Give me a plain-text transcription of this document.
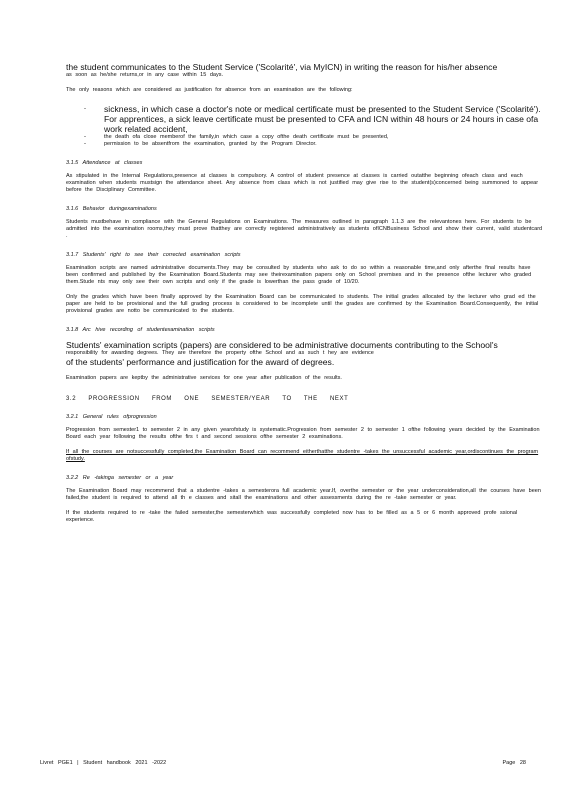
the student communicates to the Student Service ('Scolarité', via MyICN) in writing the reason for his/her absence

as soon as he/she returns,or in any case within 15 days.

The only reasons which are considered as justification for absence from an examination are the following:

- sickness, in which case a doctor's note or medical certificate must be presented to the Student Service ('Scolarité'). For apprentices, a sick leave certificate must be presented to CFA and ICN within 48 hours or 24 hours in case ofa work related accident,
- the death ofa close memberof the family,in which case a copy ofthe death certificate must be presented,
- permission to be absentfrom the examination, granted by the Program Director.

3.1.5 Attendance at classes

As stipulated in the Internal Regulations,presence at classes is compulsory. A control of student presence at classes is carried outatthe beginning ofeach class and each examination when students mustsign the attendance sheet. Any absence from class which is not justified may give rise to the student(s)concerned being summoned to appear before the Disciplinary Committee.

3.1.6 Behavior duringexaminations

Students mustbehave in compliance with the General Regulations on Examinations. The measures outlined in paragraph 1.1.3 are the relevantones here. For students to be admitted into the examination rooms,they must prove thatthey are correctly registered administratively as students ofICNBusiness School and show their current, valid studentcard .

3.1.7 Students' right to see their corrected examination scripts

Examination scripts are named administrative documents.They may be consulted by students who ask to do so within a reasonable time,and only afterthe final results have been confirmed and published by the Examination Board.Students may see theirexamination papers only on School premises and in the presence ofthe lecturer who graded them.Stude nts may only see their own scripts and only if the grade is lowerthan the pass grade of 10/20.

Only the grades which have been finally approved by the Examination Board can be communicated to students. The initial grades allocated by the lecturer who grad ed the paper are held to be provisional and the full grading process is considered to be incomplete until the grades are confirmed by the Examination Board.Consequently, the initial provisional grades are notto be communicated to the students.

3.1.8 Arc hive recording of studentexamination scripts

Students' examination scripts (papers) are considered to be administrative documents contributing to the School's

responsibility for awarding degrees. They are therefore the property ofthe School and as such t hey are evidence

of the students' performance and justification for the award of degrees.

Examination papers are keptby the administrative services for one year after publication of the results.

3.2 PROGRESSION FROM ONE SEMESTER/YEAR TO THE NEXT

3.2.1 General rules ofprogression

Progression from semester1 to semester 2 in any given yearofstudy is systematic.Progression from semester 2 to semester 1 ofthe following years decided by the Examination Board each year following the results ofthe firs t and second sessions ofthe semester 2 examinations.

If all the courses are notsuccessfully completed,the Examination Board can recommend eitherthatthe studentre -takes the unsuccessful academic year,ordiscontinues the program ofstudy.

3.2.2 Re -takinga semester or a year

The Examination Board may recommend that a studentre -takes a semesterora full academic year.If, overthe semester or the year underconsideration,all the courses have been failed,the student is required to attend all th e classes and sitall the examinations and other assessments during the re -take semester or year.

If the students required to re -take the failed semester,the semesterwhich was successfully completed now has to be filled as a 5 or 6 month approved profe ssional experience.

Livret PGE1 | Student handbook 2021 -2022	Page 28
